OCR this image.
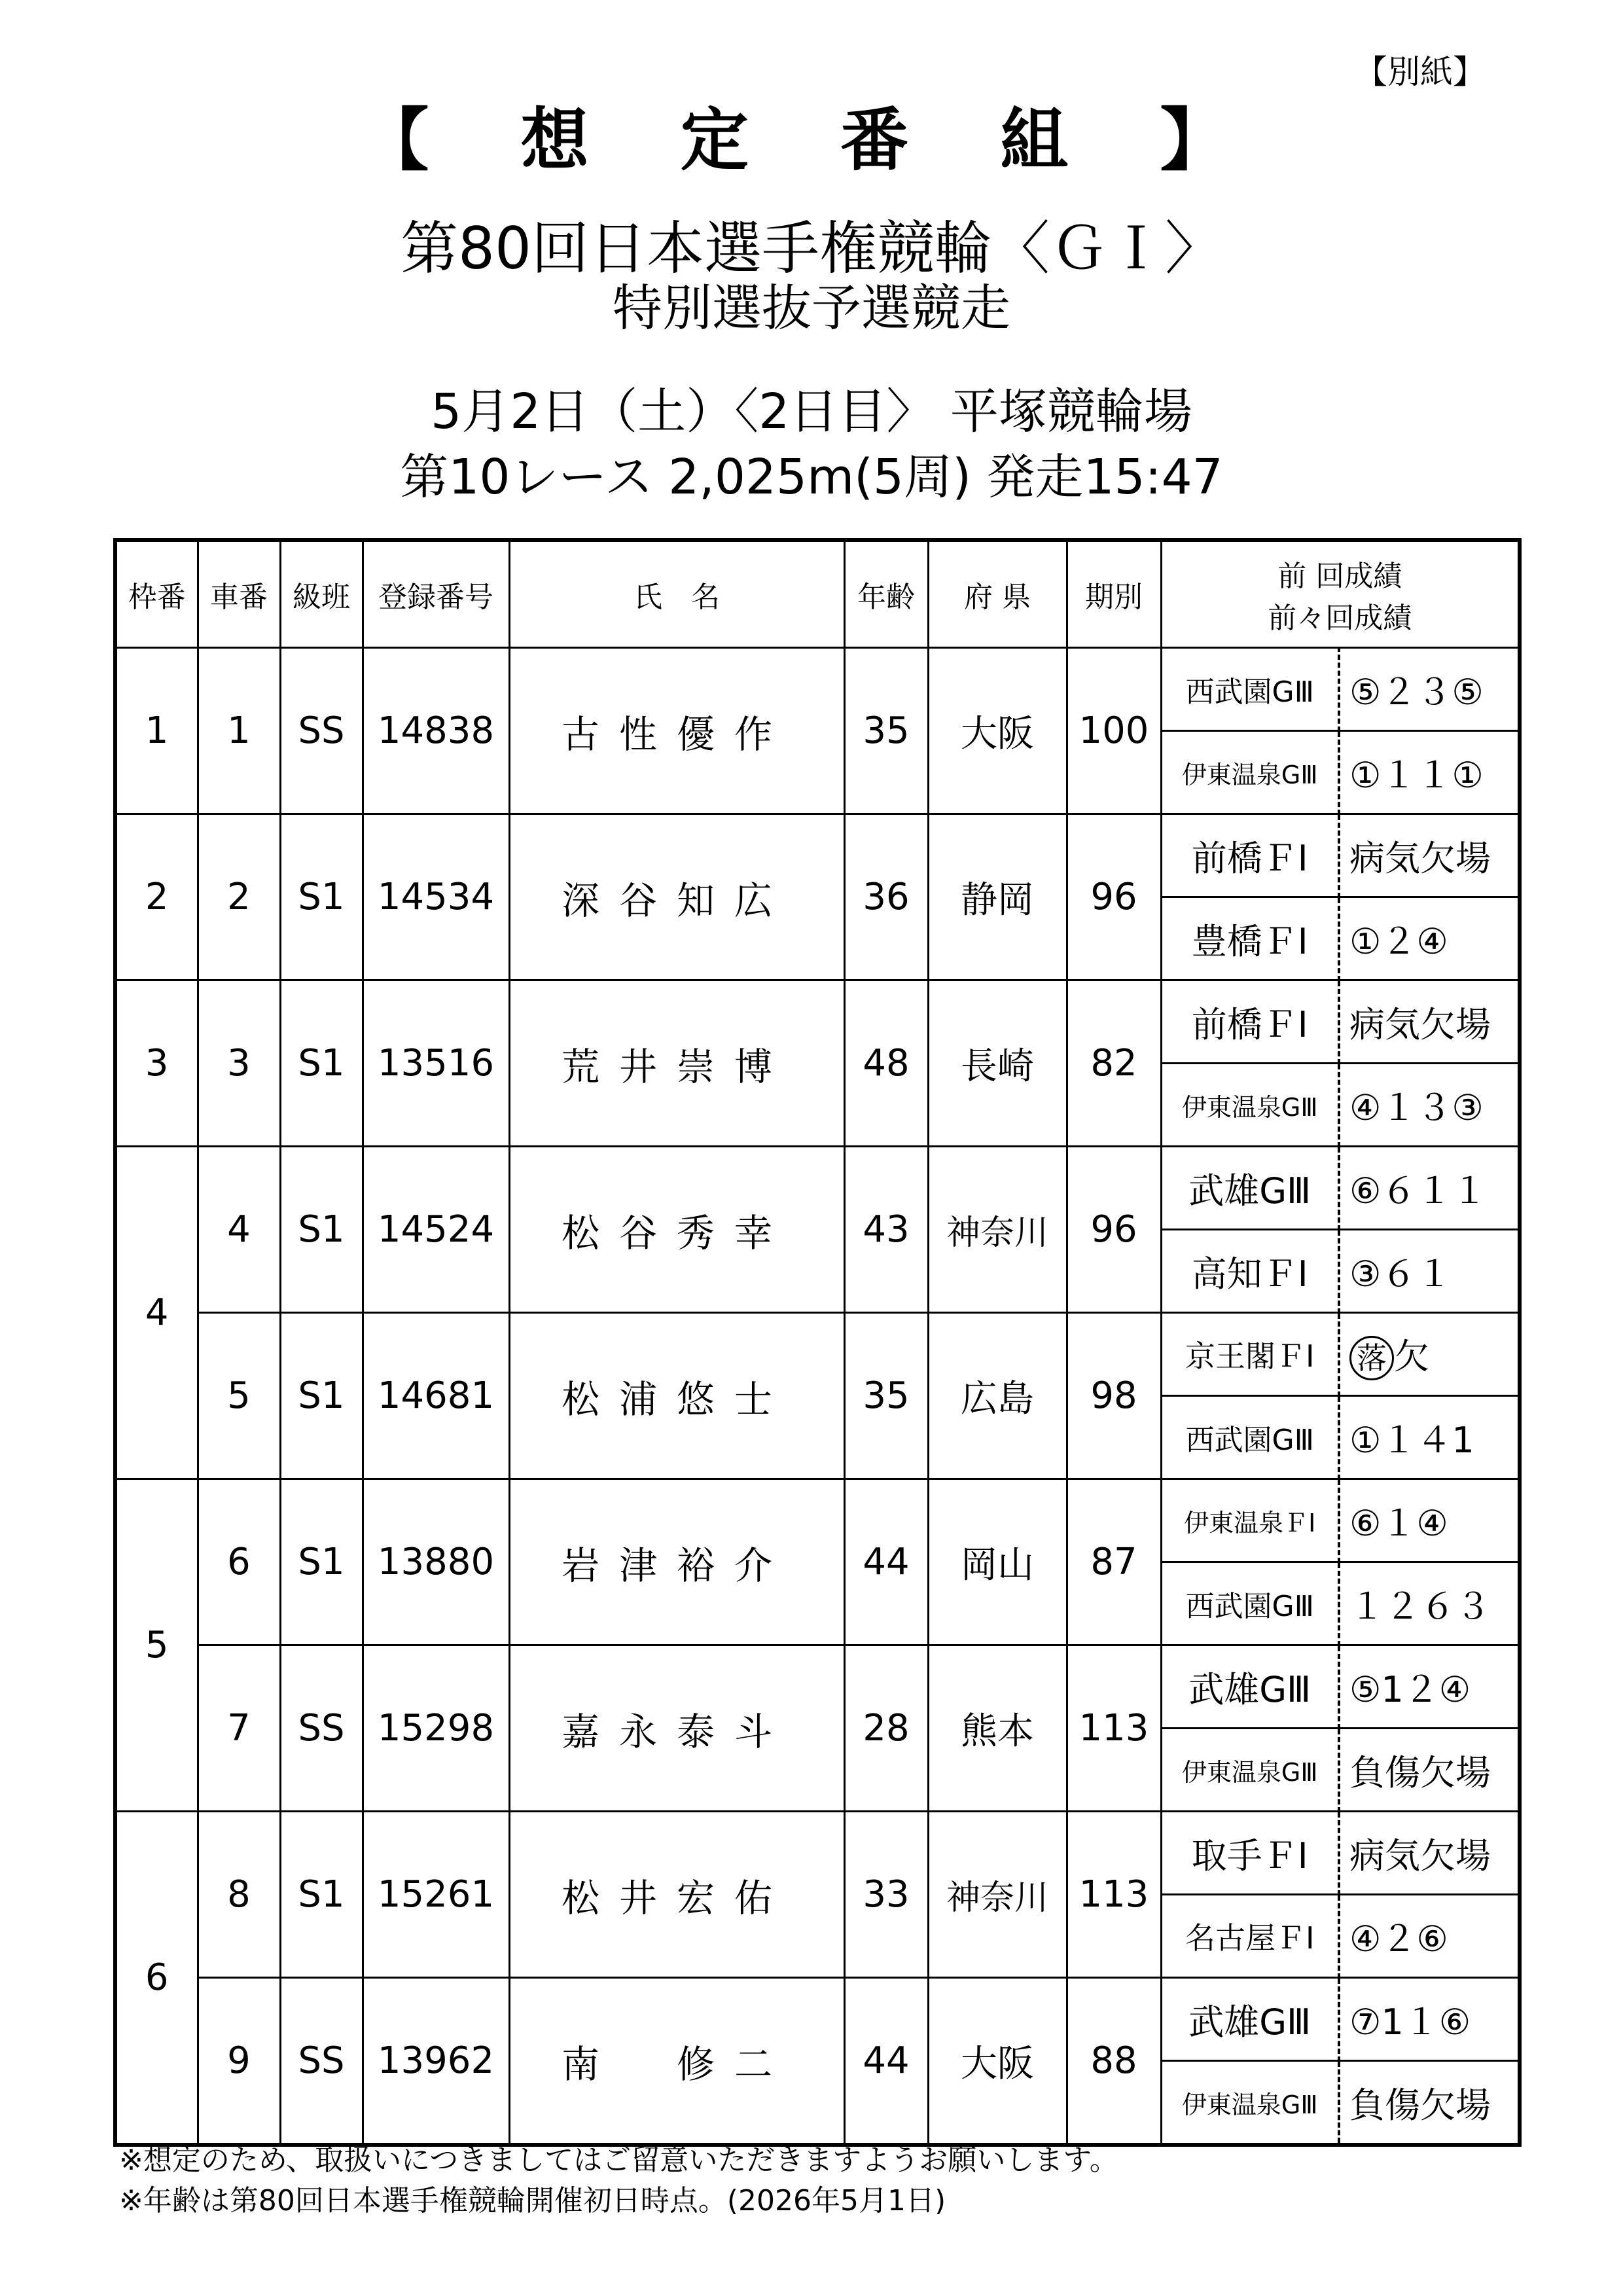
【別紙】
【 想 定 番 組 】
第80回日本選手権競輪〈ＧＩ〉
特別選抜予選競走
5月2日（土）〈2日目〉 平塚競輪場
第10レース 2,025m(5周) 発走15:47
枠番	車番	級班	登録番号	氏　名	年齢	府 県	期別	前 回成績
前々回成績	

1	1	SS	14838	古性優作	35	大阪	100	西武園GⅢ	⑤２３⑤
								伊東温泉GⅢ	①１１①
2	2	S1	14534	深谷知広	36	静岡	96	前橋ＦⅠ	病気欠場
								豊橋ＦⅠ	①２④
3	3	S1	13516	荒井崇博	48	長崎	82	前橋ＦⅠ	病気欠場
								伊東温泉GⅢ	④１３③
4	4	S1	14524	松谷秀幸	43	神奈川	96	武雄GⅢ	⑥６１１
								高知ＦⅠ	③６１
	5	S1	14681	松浦悠士	35	広島	98	京王閣ＦⅠ	落 欠
								西武園GⅢ	①１４1
5	6	S1	13880	岩津裕介	44	岡山	87	伊東温泉ＦⅠ	⑥１④
								西武園GⅢ	１２６３
	7	SS	15298	嘉永泰斗	28	熊本	113	武雄GⅢ	⑤1２④
								伊東温泉GⅢ	負傷欠場
6	8	S1	15261	松井宏佑	33	神奈川	113	取手ＦⅠ	病気欠場
								名古屋ＦⅠ	④２⑥
	9	SS	13962	南　修二	44	大阪	88	武雄GⅢ	⑦1１⑥
								伊東温泉GⅢ	負傷欠場
※想定のため、取扱いにつきましてはご留意いただきますようお願いします。
※年齢は第80回日本選手権競輪開催初日時点。(2026年5月1日)
